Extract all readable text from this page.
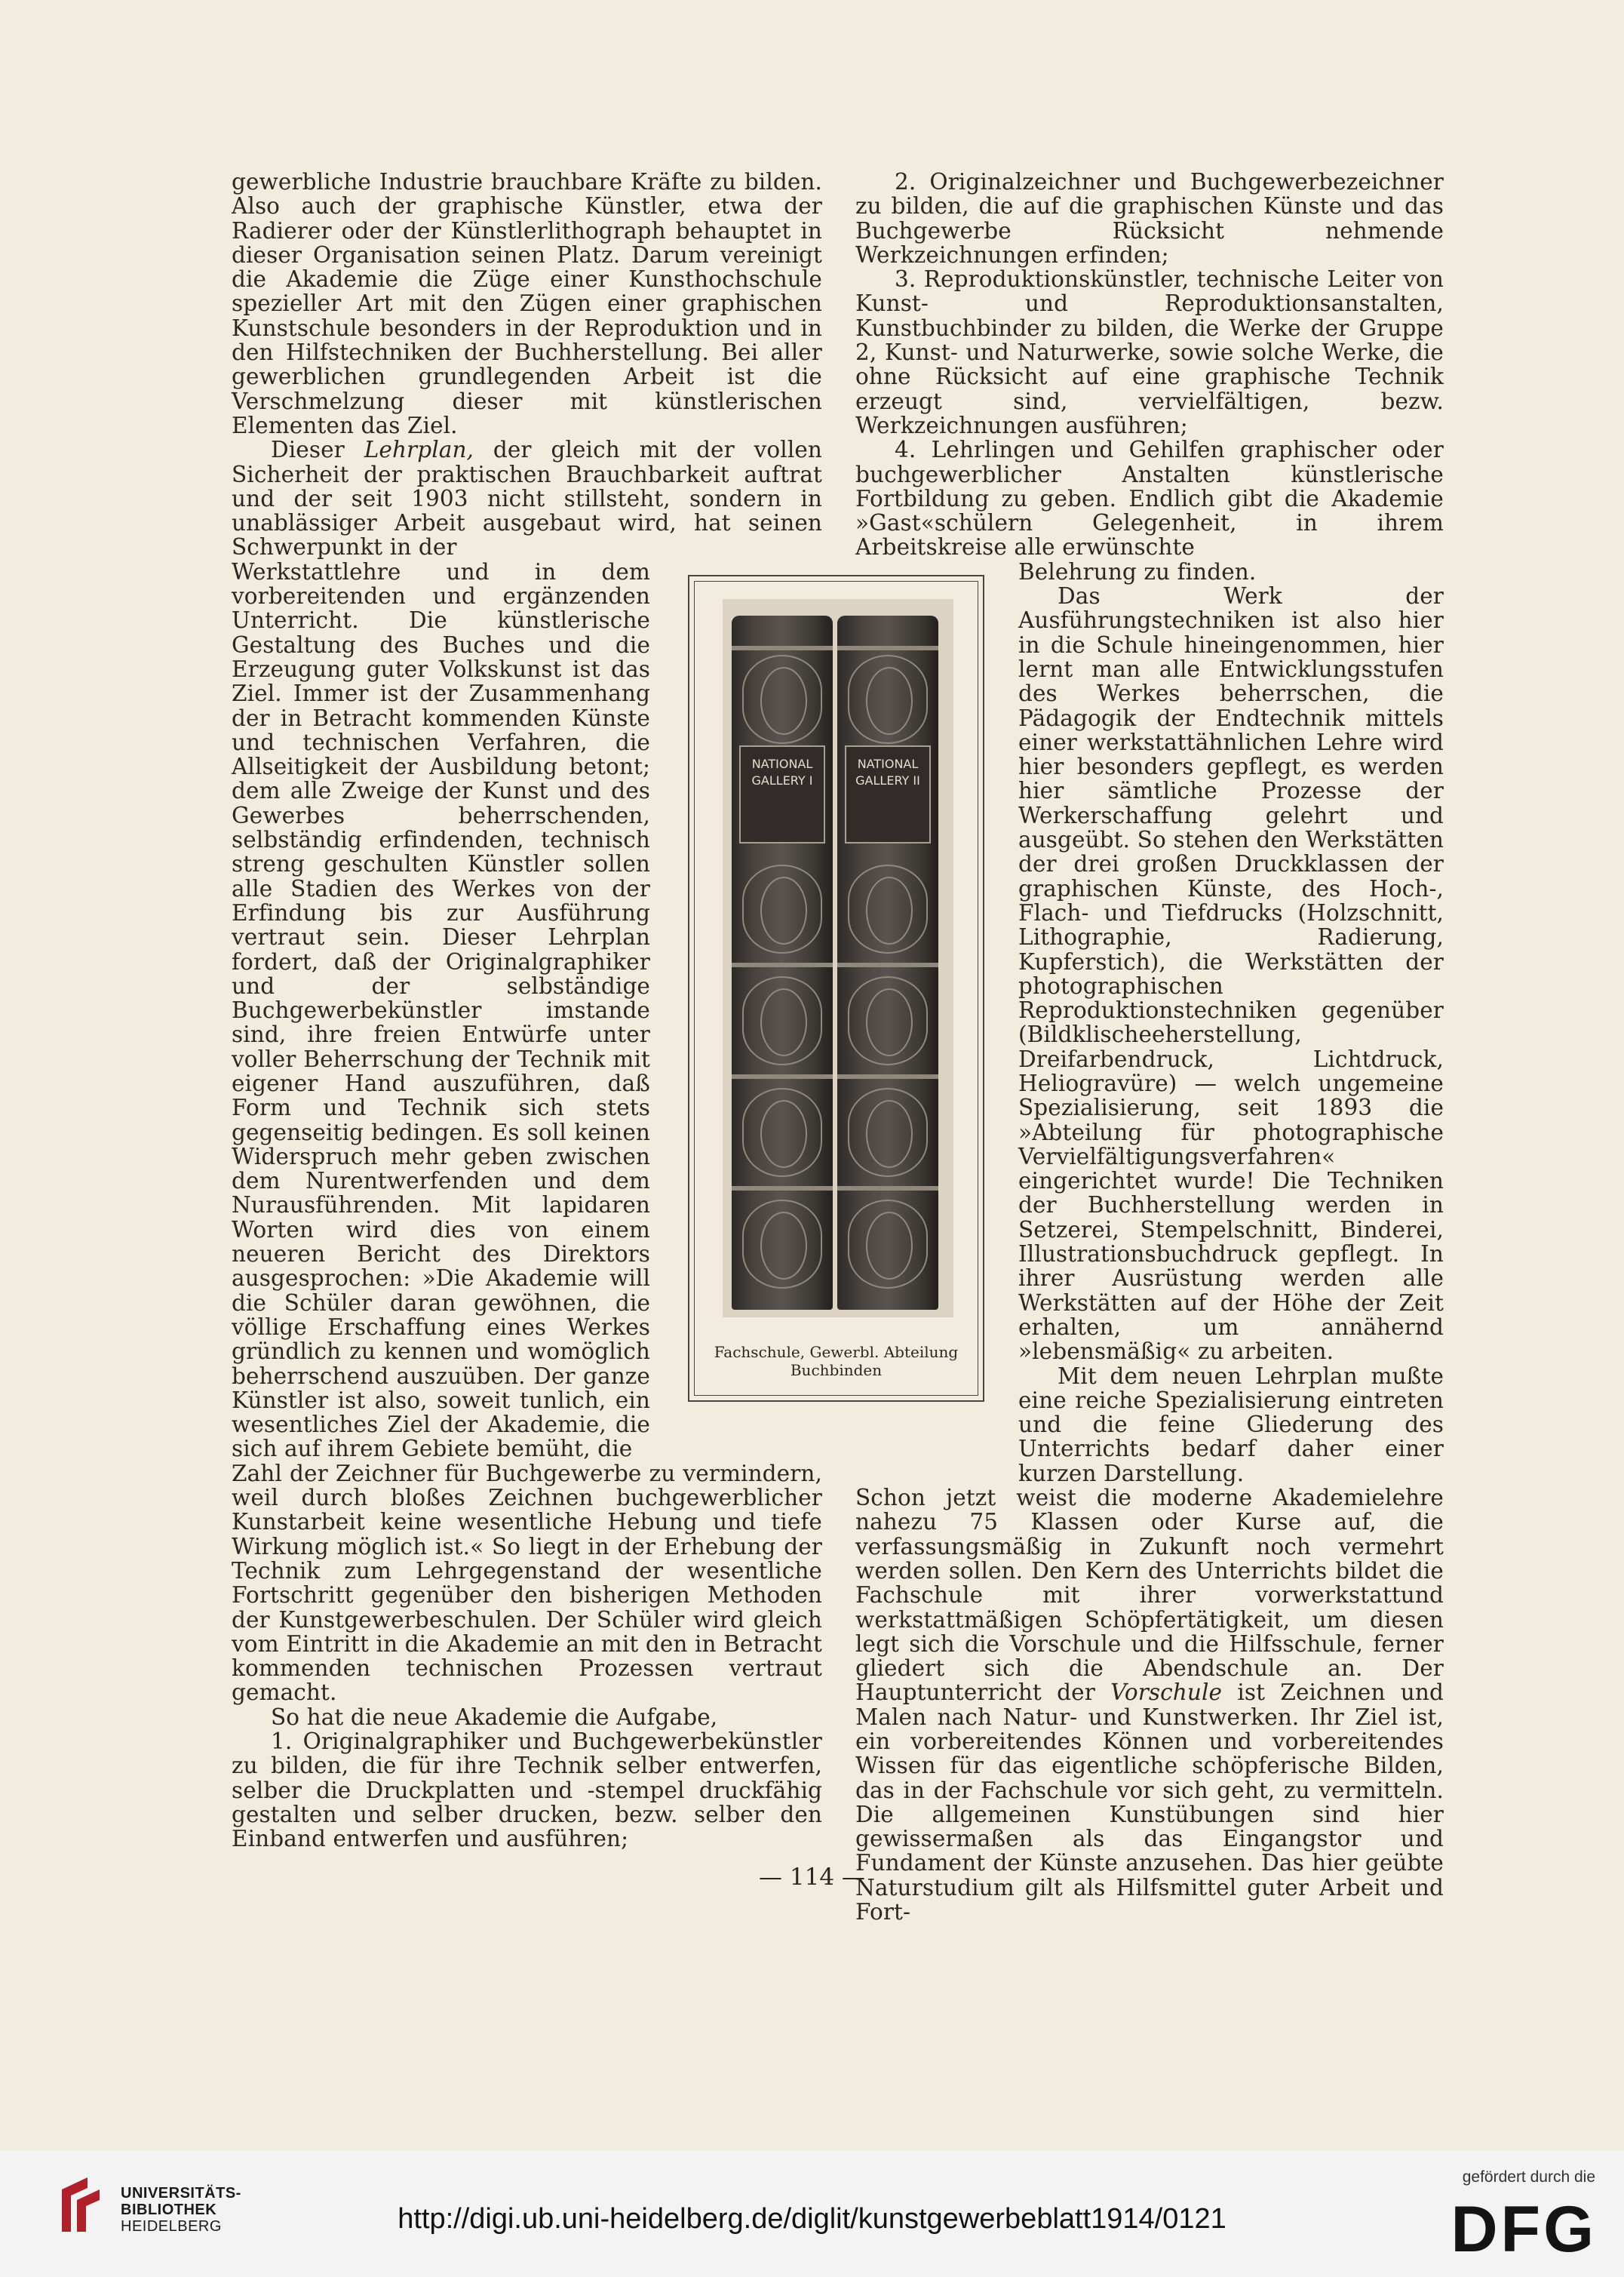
gewerbliche Industrie brauchbare Kräfte zu bilden. Also auch der graphische Künstler, etwa der Radierer oder der Künstlerlithograph behauptet in dieser Organisation seinen Platz. Darum vereinigt die Akademie die Züge einer Kunsthochschule spezieller Art mit den Zügen einer graphischen Kunstschule besonders in der Reproduktion und in den Hilfstechniken der Buchherstellung. Bei aller gewerblichen grundlegenden Arbeit ist die Verschmelzung dieser mit künstlerischen Elementen das Ziel.

Dieser Lehrplan, der gleich mit der vollen Sicherheit der praktischen Brauchbarkeit auftrat und der seit 1903 nicht stillsteht, sondern in unablässiger Arbeit ausgebaut wird, hat seinen Schwerpunkt in der

Werkstattlehre und in dem vorbereitenden und ergänzenden Unterricht. Die künstlerische Gestaltung des Buches und die Erzeugung guter Volkskunst ist das Ziel. Immer ist der Zusammenhang der in Betracht kommenden Künste und technischen Verfahren, die Allseitigkeit der Ausbildung betont; dem alle Zweige der Kunst und des Gewerbes beherrschenden, selbständig erfindenden, technisch streng geschulten Künstler sollen alle Stadien des Werkes von der Erfindung bis zur Ausführung vertraut sein. Dieser Lehrplan fordert, daß der Originalgraphiker und der selbständige Buchgewerbekünstler imstande sind, ihre freien Entwürfe unter voller Beherrschung der Technik mit eigener Hand auszuführen, daß Form und Technik sich stets gegenseitig bedingen. Es soll keinen Widerspruch mehr geben zwischen dem Nurentwerfenden und dem Nurausführenden. Mit lapidaren Worten wird dies von einem neueren Bericht des Direktors ausgesprochen: »Die Akademie will die Schüler daran gewöhnen, die völlige Erschaffung eines Werkes gründlich zu kennen und womöglich beherrschend auszuüben. Der ganze Künstler ist also, soweit tunlich, ein wesentliches Ziel der Akademie, die sich auf ihrem Gebiete bemüht, die

Zahl der Zeichner für Buchgewerbe zu vermindern, weil durch bloßes Zeichnen buchgewerblicher Kunstarbeit keine wesentliche Hebung und tiefe Wirkung möglich ist.« So liegt in der Erhebung der Technik zum Lehrgegenstand der wesentliche Fortschritt gegenüber den bisherigen Methoden der Kunstgewerbeschulen. Der Schüler wird gleich vom Eintritt in die Akademie an mit den in Betracht kommenden technischen Prozessen vertraut gemacht.

So hat die neue Akademie die Aufgabe,

1. Originalgraphiker und Buchgewerbekünstler zu bilden, die für ihre Technik selber entwerfen, selber die Druckplatten und -stempel druckfähig gestalten und selber drucken, bezw. selber den Einband entwerfen und ausführen;

2. Originalzeichner und Buchgewerbezeichner zu bilden, die auf die graphischen Künste und das Buchgewerbe Rücksicht nehmende Werkzeichnungen erfinden;

3. Reproduktionskünstler, technische Leiter von Kunst- und Reproduktionsanstalten, Kunstbuchbinder zu bilden, die Werke der Gruppe 2, Kunst- und Naturwerke, sowie solche Werke, die ohne Rücksicht auf eine graphische Technik erzeugt sind, vervielfältigen, bezw. Werkzeichnungen ausführen;

4. Lehrlingen und Gehilfen graphischer oder buchgewerblicher Anstalten künstlerische Fortbildung zu geben. Endlich gibt die Akademie »Gast«schülern Gelegenheit, in ihrem Arbeitskreise alle erwünschte

Belehrung zu finden.

Das Werk der Ausführungstechniken ist also hier in die Schule hineingenommen, hier lernt man alle Entwicklungsstufen des Werkes beherrschen, die Pädagogik der Endtechnik mittels einer werkstattähnlichen Lehre wird hier besonders gepflegt, es werden hier sämtliche Prozesse der Werkerschaffung gelehrt und ausgeübt. So stehen den Werkstätten der drei großen Druckklassen der graphischen Künste, des Hoch-, Flach- und Tiefdrucks (Holzschnitt, Lithographie, Radierung, Kupferstich), die Werkstätten der photographischen Reproduktionstechniken gegenüber (Bildklischeeherstellung, Dreifarbendruck, Lichtdruck, Heliogravüre) — welch ungemeine Spezialisierung, seit 1893 die »Abteilung für photographische Vervielfältigungsverfahren« eingerichtet wurde! Die Techniken der Buchherstellung werden in Setzerei, Stempelschnitt, Binderei, Illustrationsbuchdruck gepflegt. In ihrer Ausrüstung werden alle Werkstätten auf der Höhe der Zeit erhalten, um annähernd »lebensmäßig« zu arbeiten.

Mit dem neuen Lehrplan mußte eine reiche Spezialisierung eintreten und die feine Gliederung des Unterrichts bedarf daher einer kurzen Darstellung.

Schon jetzt weist die moderne Akademielehre nahezu 75 Klassen oder Kurse auf, die verfassungsmäßig in Zukunft noch vermehrt werden sollen. Den Kern des Unterrichts bildet die Fachschule mit ihrer vorwerkstattund werkstattmäßigen Schöpfertätigkeit, um diesen legt sich die Vorschule und die Hilfsschule, ferner gliedert sich die Abendschule an. Der Hauptunterricht der Vorschule ist Zeichnen und Malen nach Natur- und Kunstwerken. Ihr Ziel ist, ein vorbereitendes Können und vorbereitendes Wissen für das eigentliche schöpferische Bilden, das in der Fachschule vor sich geht, zu vermitteln. Die allgemeinen Kunstübungen sind hier gewissermaßen als das Eingangstor und Fundament der Künste anzusehen. Das hier geübte Naturstudium gilt als Hilfsmittel guter Arbeit und Fort-

NATIONAL GALLERY I
NATIONAL GALLERY II
Fachschule, Gewerbl. Abteilung Buchbinden
— 114 —
UNIVERSITÄTS-
BIBLIOTHEK
HEIDELBERG	http://digi.ub.uni-heidelberg.de/diglit/kunstgewerbeblatt1914/0121
gefördert durch die
DFG
